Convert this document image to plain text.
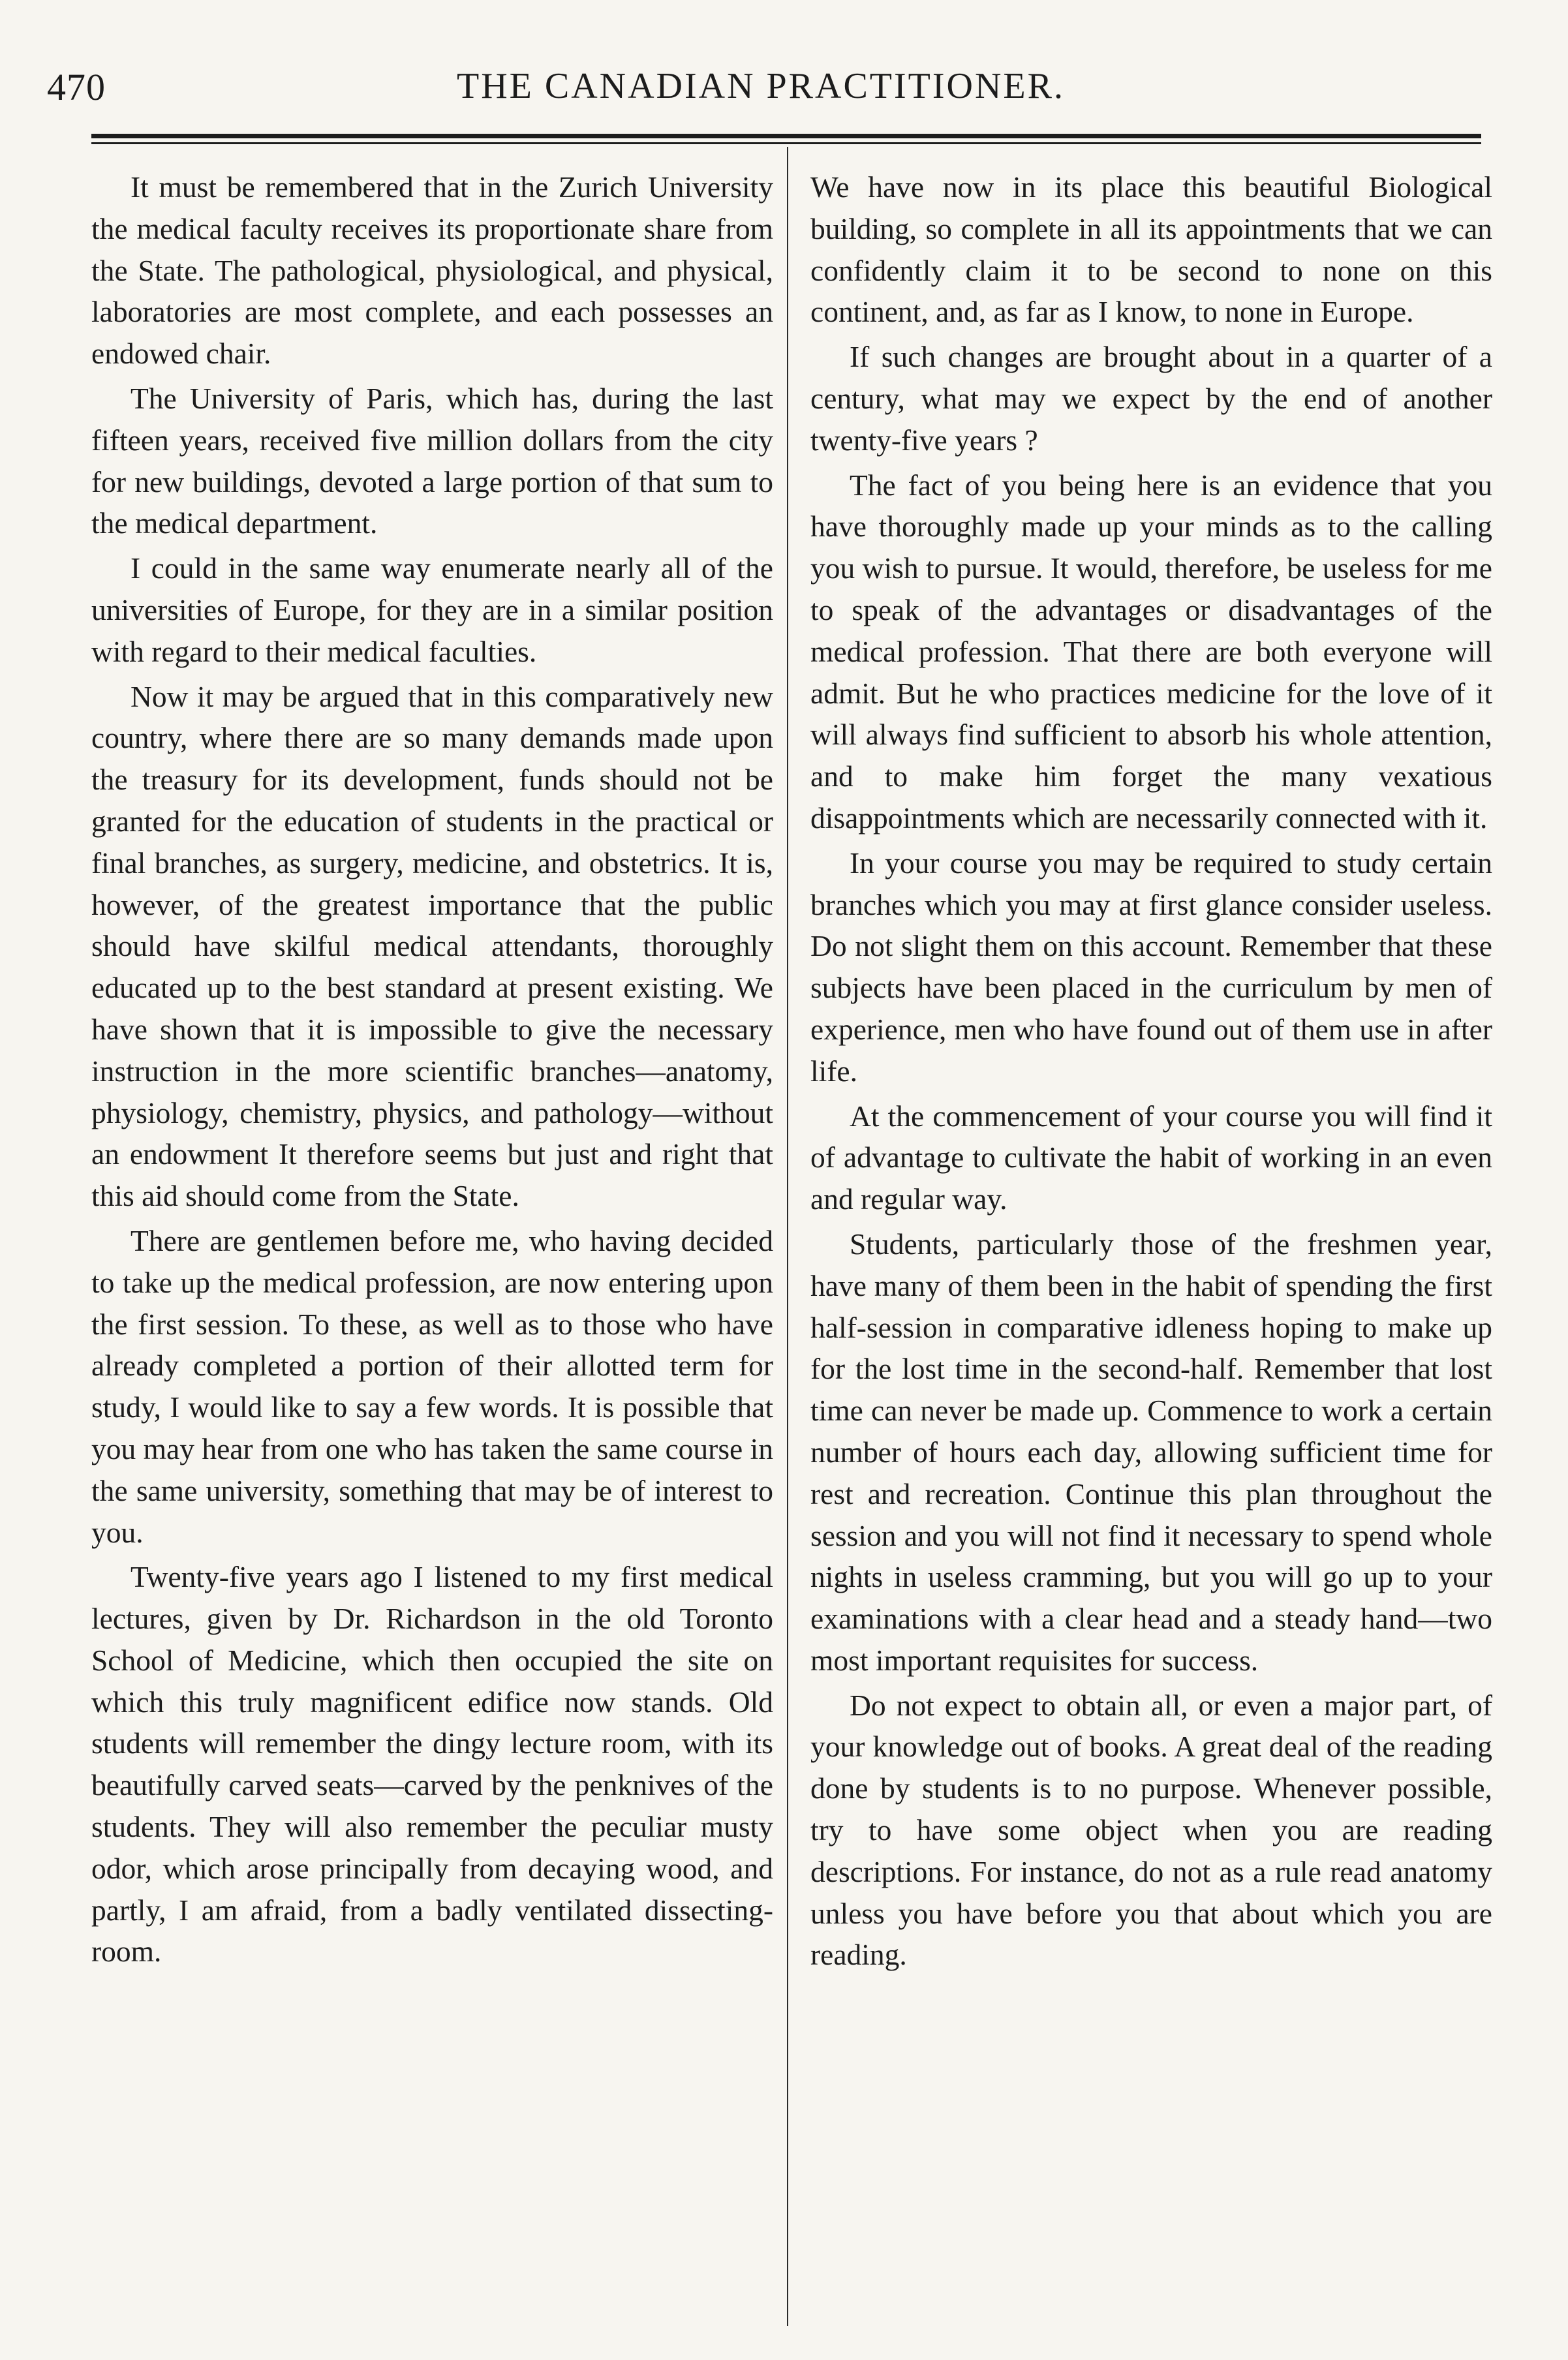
470	THE CANADIAN PRACTITIONER.

It must be remembered that in the Zurich University the medical faculty receives its proportionate share from the State. The pathological, physiological, and physical, laboratories are most complete, and each possesses an endowed chair.

The University of Paris, which has, during the last fifteen years, received five million dollars from the city for new buildings, devoted a large portion of that sum to the medical department.

I could in the same way enumerate nearly all of the universities of Europe, for they are in a similar position with regard to their medical faculties.

Now it may be argued that in this comparatively new country, where there are so many demands made upon the treasury for its development, funds should not be granted for the education of students in the practical or final branches, as surgery, medicine, and obstetrics. It is, however, of the greatest importance that the public should have skilful medical attendants, thoroughly educated up to the best standard at present existing. We have shown that it is impossible to give the necessary instruction in the more scientific branches—anatomy, physiology, chemistry, physics, and pathology—without an endowment It therefore seems but just and right that this aid should come from the State.

There are gentlemen before me, who having decided to take up the medical profession, are now entering upon the first session. To these, as well as to those who have already completed a portion of their allotted term for study, I would like to say a few words. It is possible that you may hear from one who has taken the same course in the same university, something that may be of interest to you.

Twenty-five years ago I listened to my first medical lectures, given by Dr. Richardson in the old Toronto School of Medicine, which then occupied the site on which this truly magnificent edifice now stands. Old students will remember the dingy lecture room, with its beautifully carved seats—carved by the penknives of the students. They will also remember the peculiar musty odor, which arose principally from decaying wood, and partly, I am afraid, from a badly ventilated dissecting-room.

We have now in its place this beautiful Biological building, so complete in all its appointments that we can confidently claim it to be second to none on this continent, and, as far as I know, to none in Europe.

If such changes are brought about in a quarter of a century, what may we expect by the end of another twenty-five years ?

The fact of you being here is an evidence that you have thoroughly made up your minds as to the calling you wish to pursue. It would, therefore, be useless for me to speak of the advantages or disadvantages of the medical profession. That there are both everyone will admit. But he who practices medicine for the love of it will always find sufficient to absorb his whole attention, and to make him forget the many vexatious disappointments which are necessarily connected with it.

In your course you may be required to study certain branches which you may at first glance consider useless. Do not slight them on this account. Remember that these subjects have been placed in the curriculum by men of experience, men who have found out of them use in after life.

At the commencement of your course you will find it of advantage to cultivate the habit of working in an even and regular way.

Students, particularly those of the freshmen year, have many of them been in the habit of spending the first half-session in comparative idleness hoping to make up for the lost time in the second-half. Remember that lost time can never be made up. Commence to work a certain number of hours each day, allowing sufficient time for rest and recreation. Continue this plan throughout the session and you will not find it necessary to spend whole nights in useless cramming, but you will go up to your examinations with a clear head and a steady hand—two most important requisites for success.

Do not expect to obtain all, or even a major part, of your knowledge out of books. A great deal of the reading done by students is to no purpose. Whenever possible, try to have some object when you are reading descriptions. For instance, do not as a rule read anatomy unless you have before you that about which you are reading.
